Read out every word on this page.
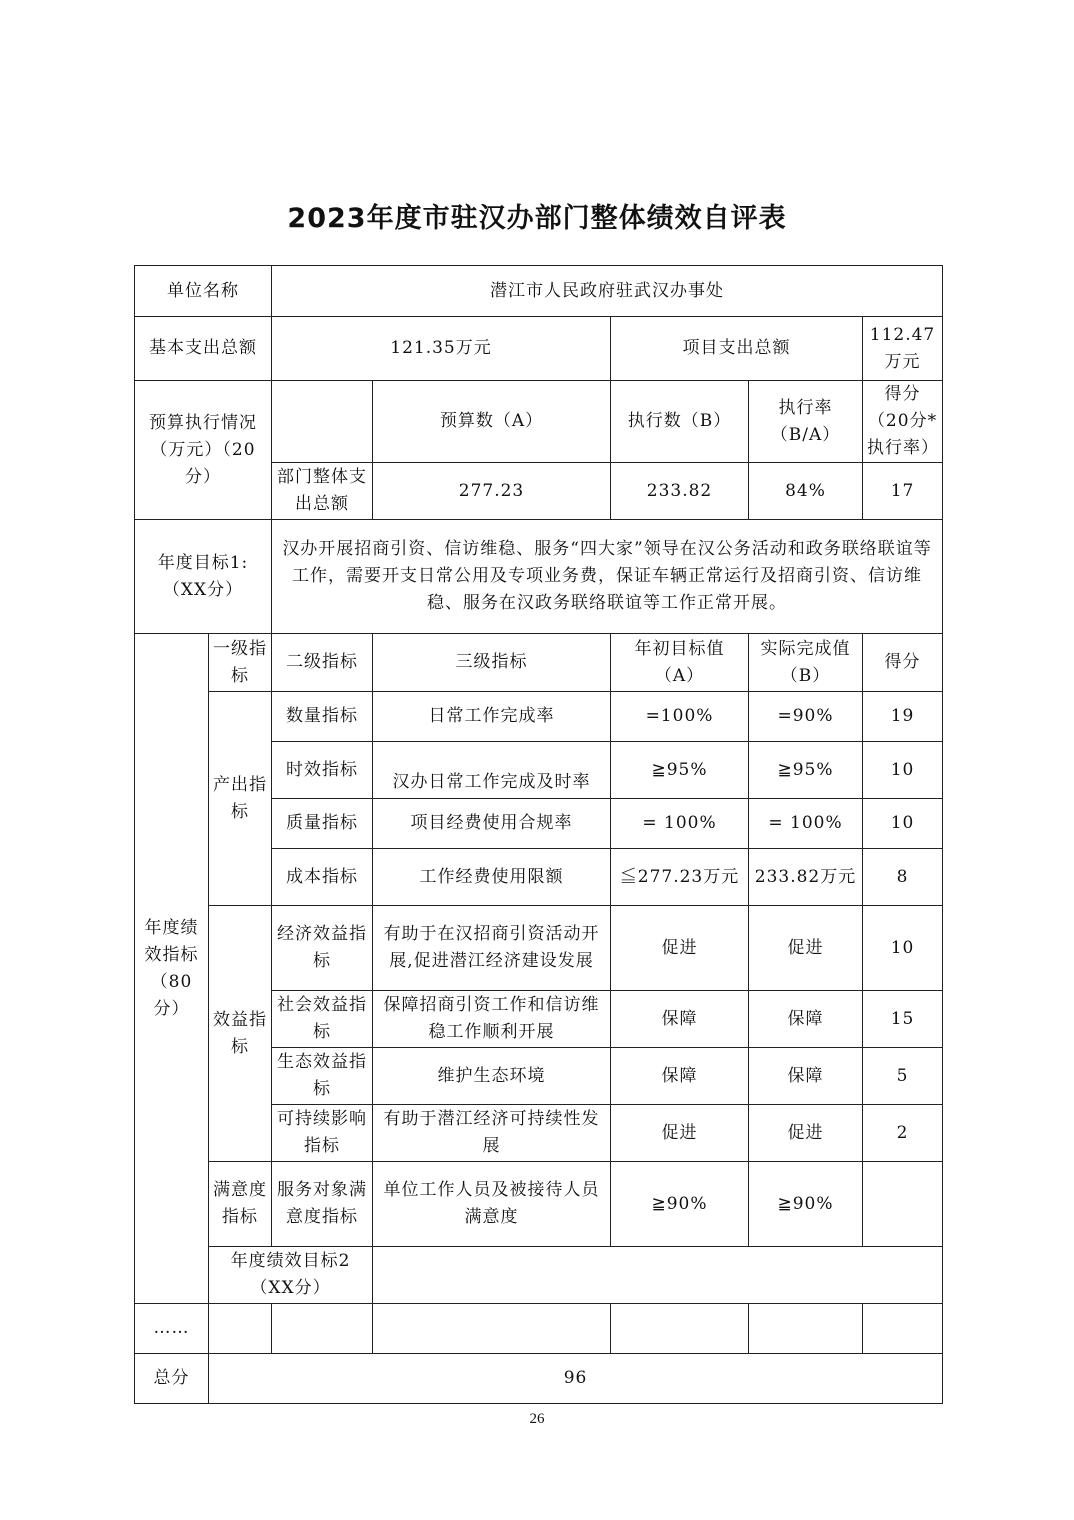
2023年度市驻汉办部门整体绩效自评表
单位名称		潜江市人民政府驻武汉办事处				
基本支出总额		121.35万元		项目支出总额		112.47万元
预算执行情况（万元）（20分）			预算数（A）	执行数（B）	执行率（B/A）	得分（20分*执行率）
		部门整体支出总额	277.23	233.82	84%	17
年度目标1:（XX分）		汉办开展招商引资、信访维稳、服务“四大家”领导在汉公务活动和政务联络联谊等工作，需要开支日常公用及专项业务费，保证车辆正常运行及招商引资、信访维稳、服务在汉政务联络联谊等工作正常开展。				
年度绩效指标（80分）	一级指标	二级指标	三级指标	年初目标值（A）	实际完成值（B）	得分
	产出指标	数量指标	日常工作完成率	=100%	=90%	19
		时效指标	汉办日常工作完成及时率	≧95%	≧95%	10
		质量指标	项目经费使用合规率	= 100%	= 100%	10
		成本指标	工作经费使用限额	≦277.23万元	233.82万元	8
	效益指标	经济效益指标	有助于在汉招商引资活动开展,促进潜江经济建设发展	促进	促进	10
		社会效益指标	保障招商引资工作和信访维稳工作顺利开展	保障	保障	15
		生态效益指标	维护生态环境	保障	保障	5
		可持续影响指标	有助于潜江经济可持续性发展	促进	促进	2
	满意度指标	服务对象满意度指标	单位工作人员及被接待人员满意度	≧90%	≧90%	
	年度绩效目标2（XX分）					
……						
总分	96					
26
